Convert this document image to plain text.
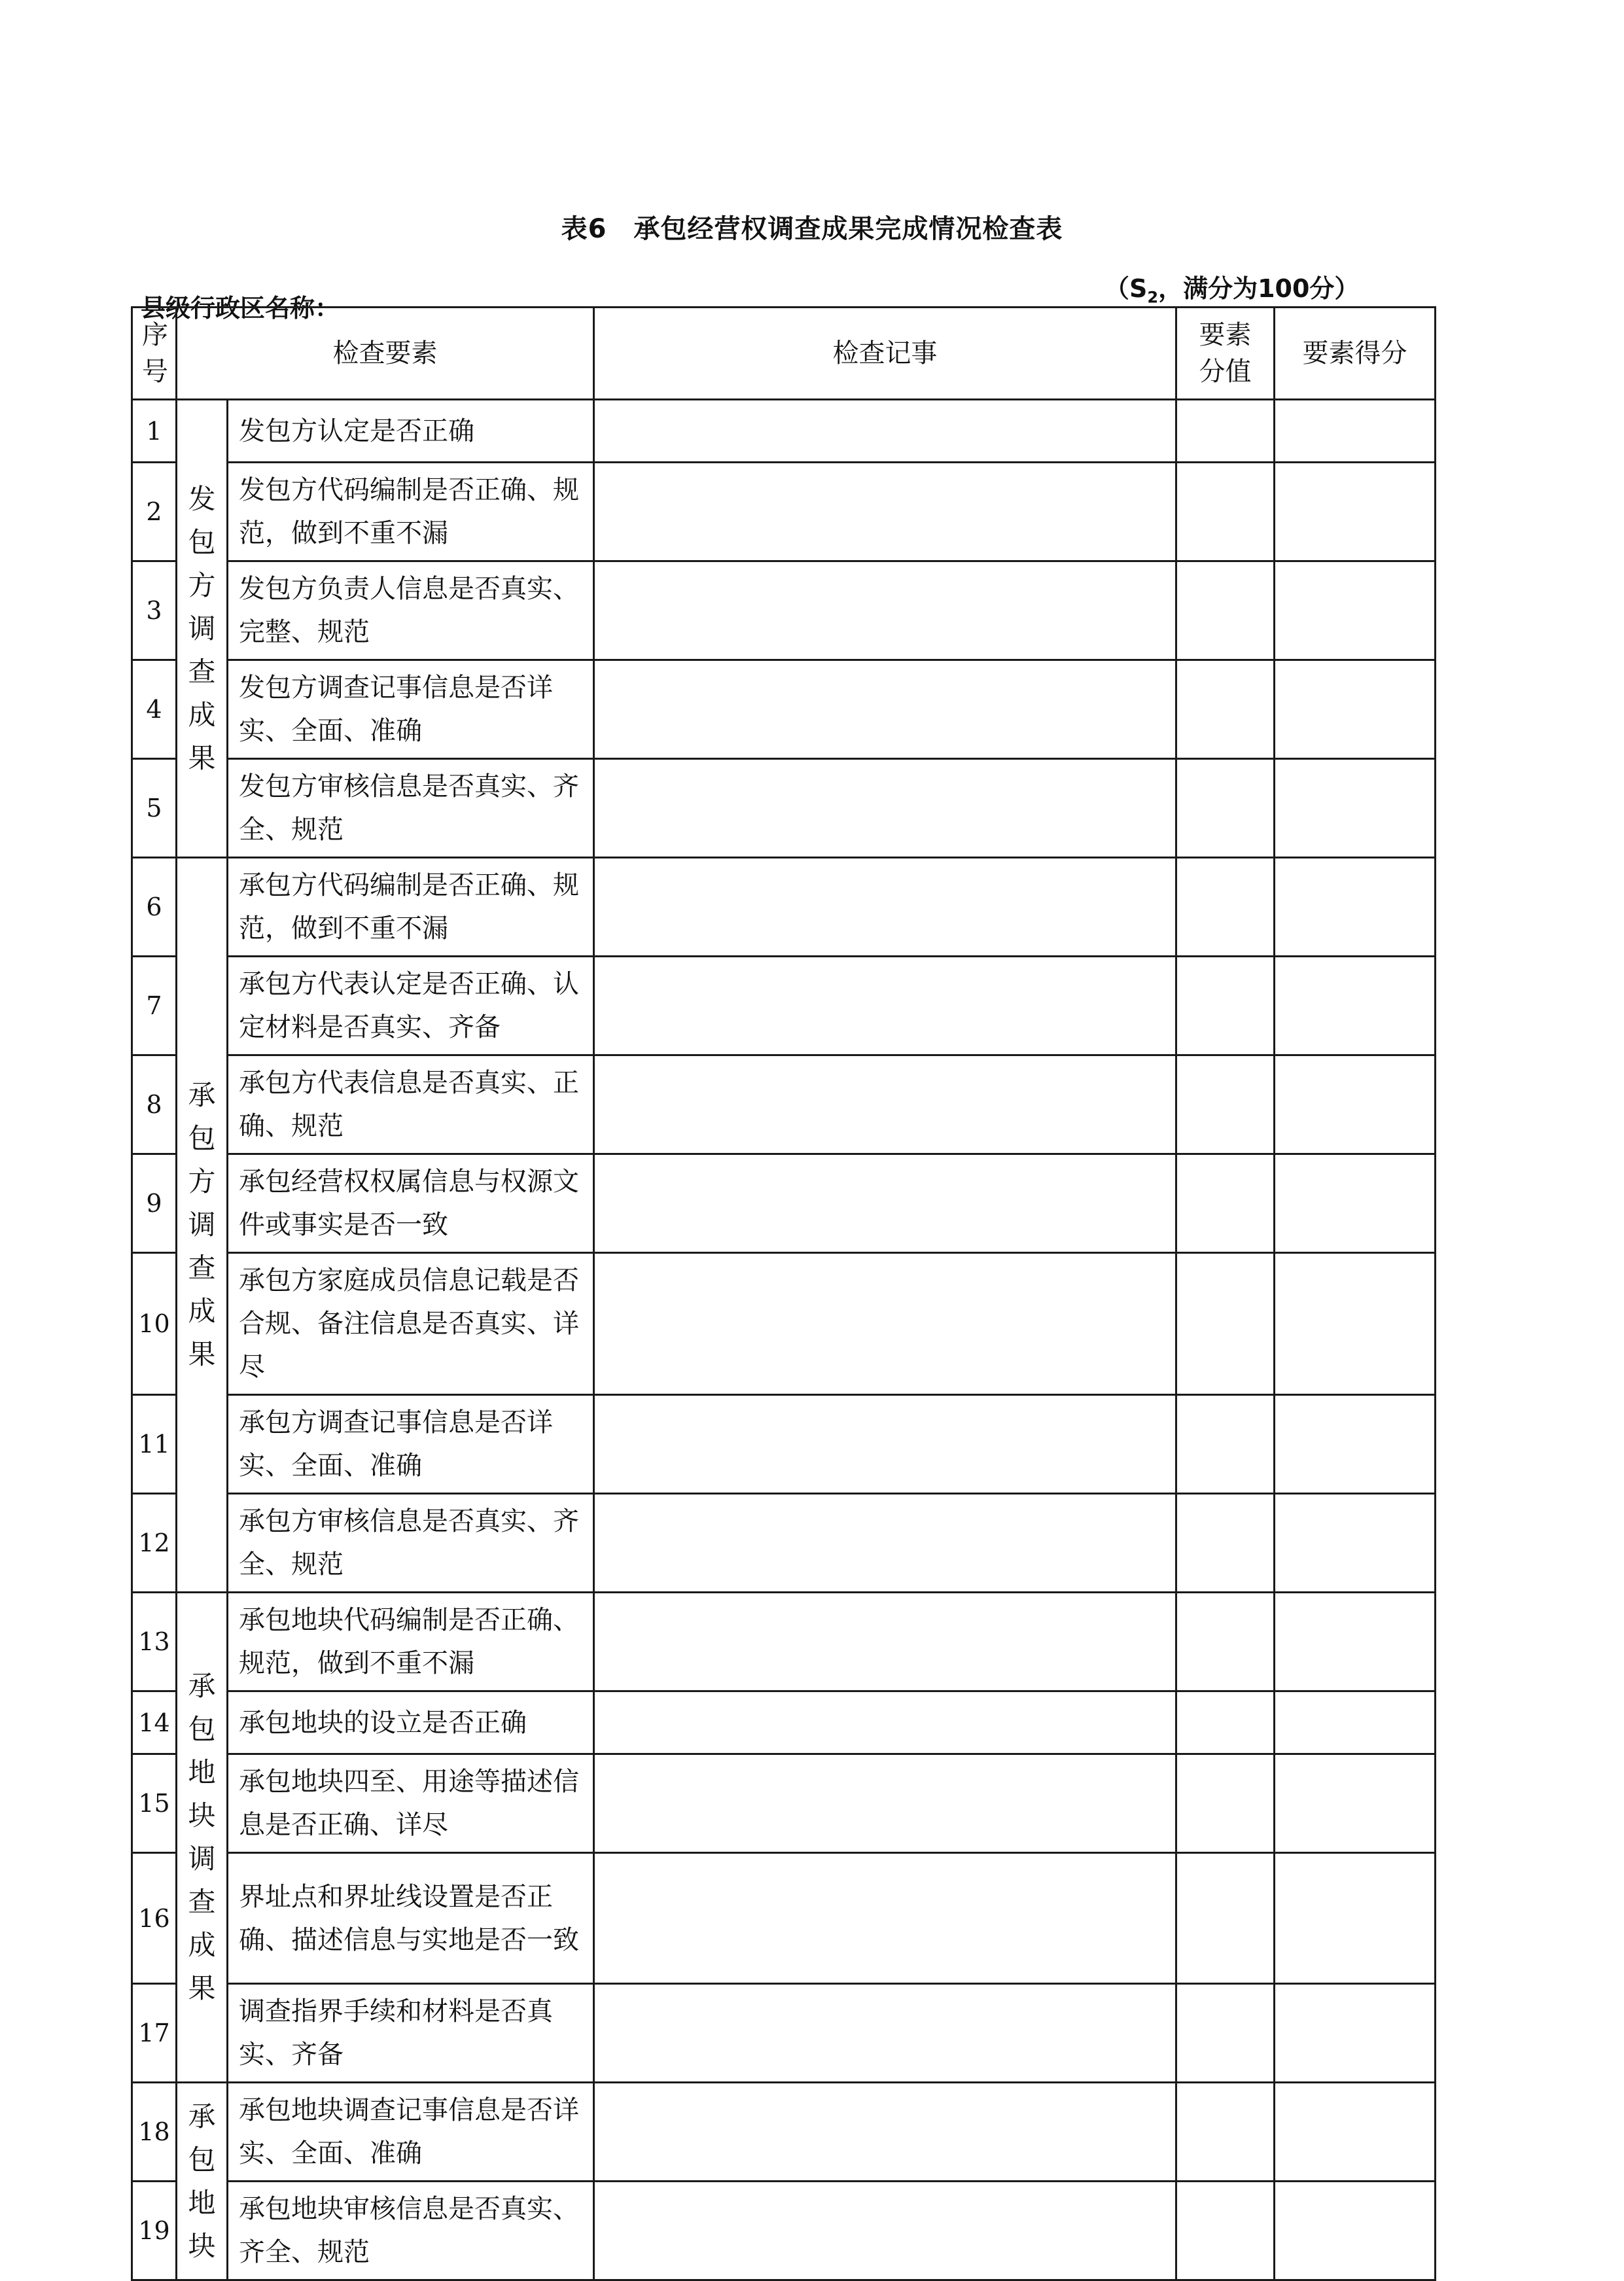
表6　承包经营权调查成果完成情况检查表
县级行政区名称：
（$S_2$，满分为100分）
序号	检查要素		检查记事	要素分值	要素得分
1	发包方调查成果	发包方认定是否正确			
2		发包方代码编制是否正确、规范，做到不重不漏			
3		发包方负责人信息是否真实、完整、规范			
4		发包方调查记事信息是否详实、全面、准确			
5		发包方审核信息是否真实、齐全、规范			
6	承包方调查成果	承包方代码编制是否正确、规范，做到不重不漏			
7		承包方代表认定是否正确、认定材料是否真实、齐备			
8		承包方代表信息是否真实、正确、规范			
9		承包经营权权属信息与权源文件或事实是否一致			
10		承包方家庭成员信息记载是否合规、备注信息是否真实、详尽			
11		承包方调查记事信息是否详实、全面、准确			
12		承包方审核信息是否真实、齐全、规范			
13	承包地块调查成果	承包地块代码编制是否正确、规范，做到不重不漏			
14		承包地块的设立是否正确			
15		承包地块四至、用途等描述信息是否正确、详尽			
16		界址点和界址线设置是否正确、描述信息与实地是否一致			
17		调查指界手续和材料是否真实、齐备			
18	承包地块	承包地块调查记事信息是否详实、全面、准确			
19		承包地块审核信息是否真实、齐全、规范			
